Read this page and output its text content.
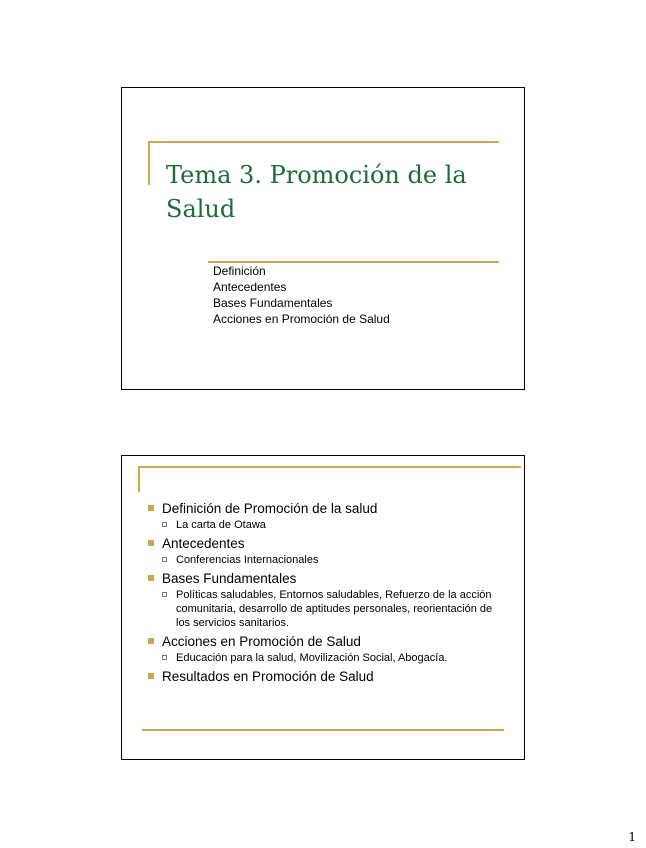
Tema 3. Promoción de la Salud
Definición
Antecedentes
Bases Fundamentales
Acciones en Promoción de Salud
Definición de Promoción de la salud
La carta de Otawa
Antecedentes
Conferencias Internacionales
Bases Fundamentales
Políticas saludables, Entornos saludables, Refuerzo de la acción comunitaria, desarrollo de aptitudes personales, reorientación de los servicios sanitarios.
Acciones en Promoción de Salud
Educación para la salud, Movilización Social, Abogacía.
Resultados en Promoción de Salud
1
